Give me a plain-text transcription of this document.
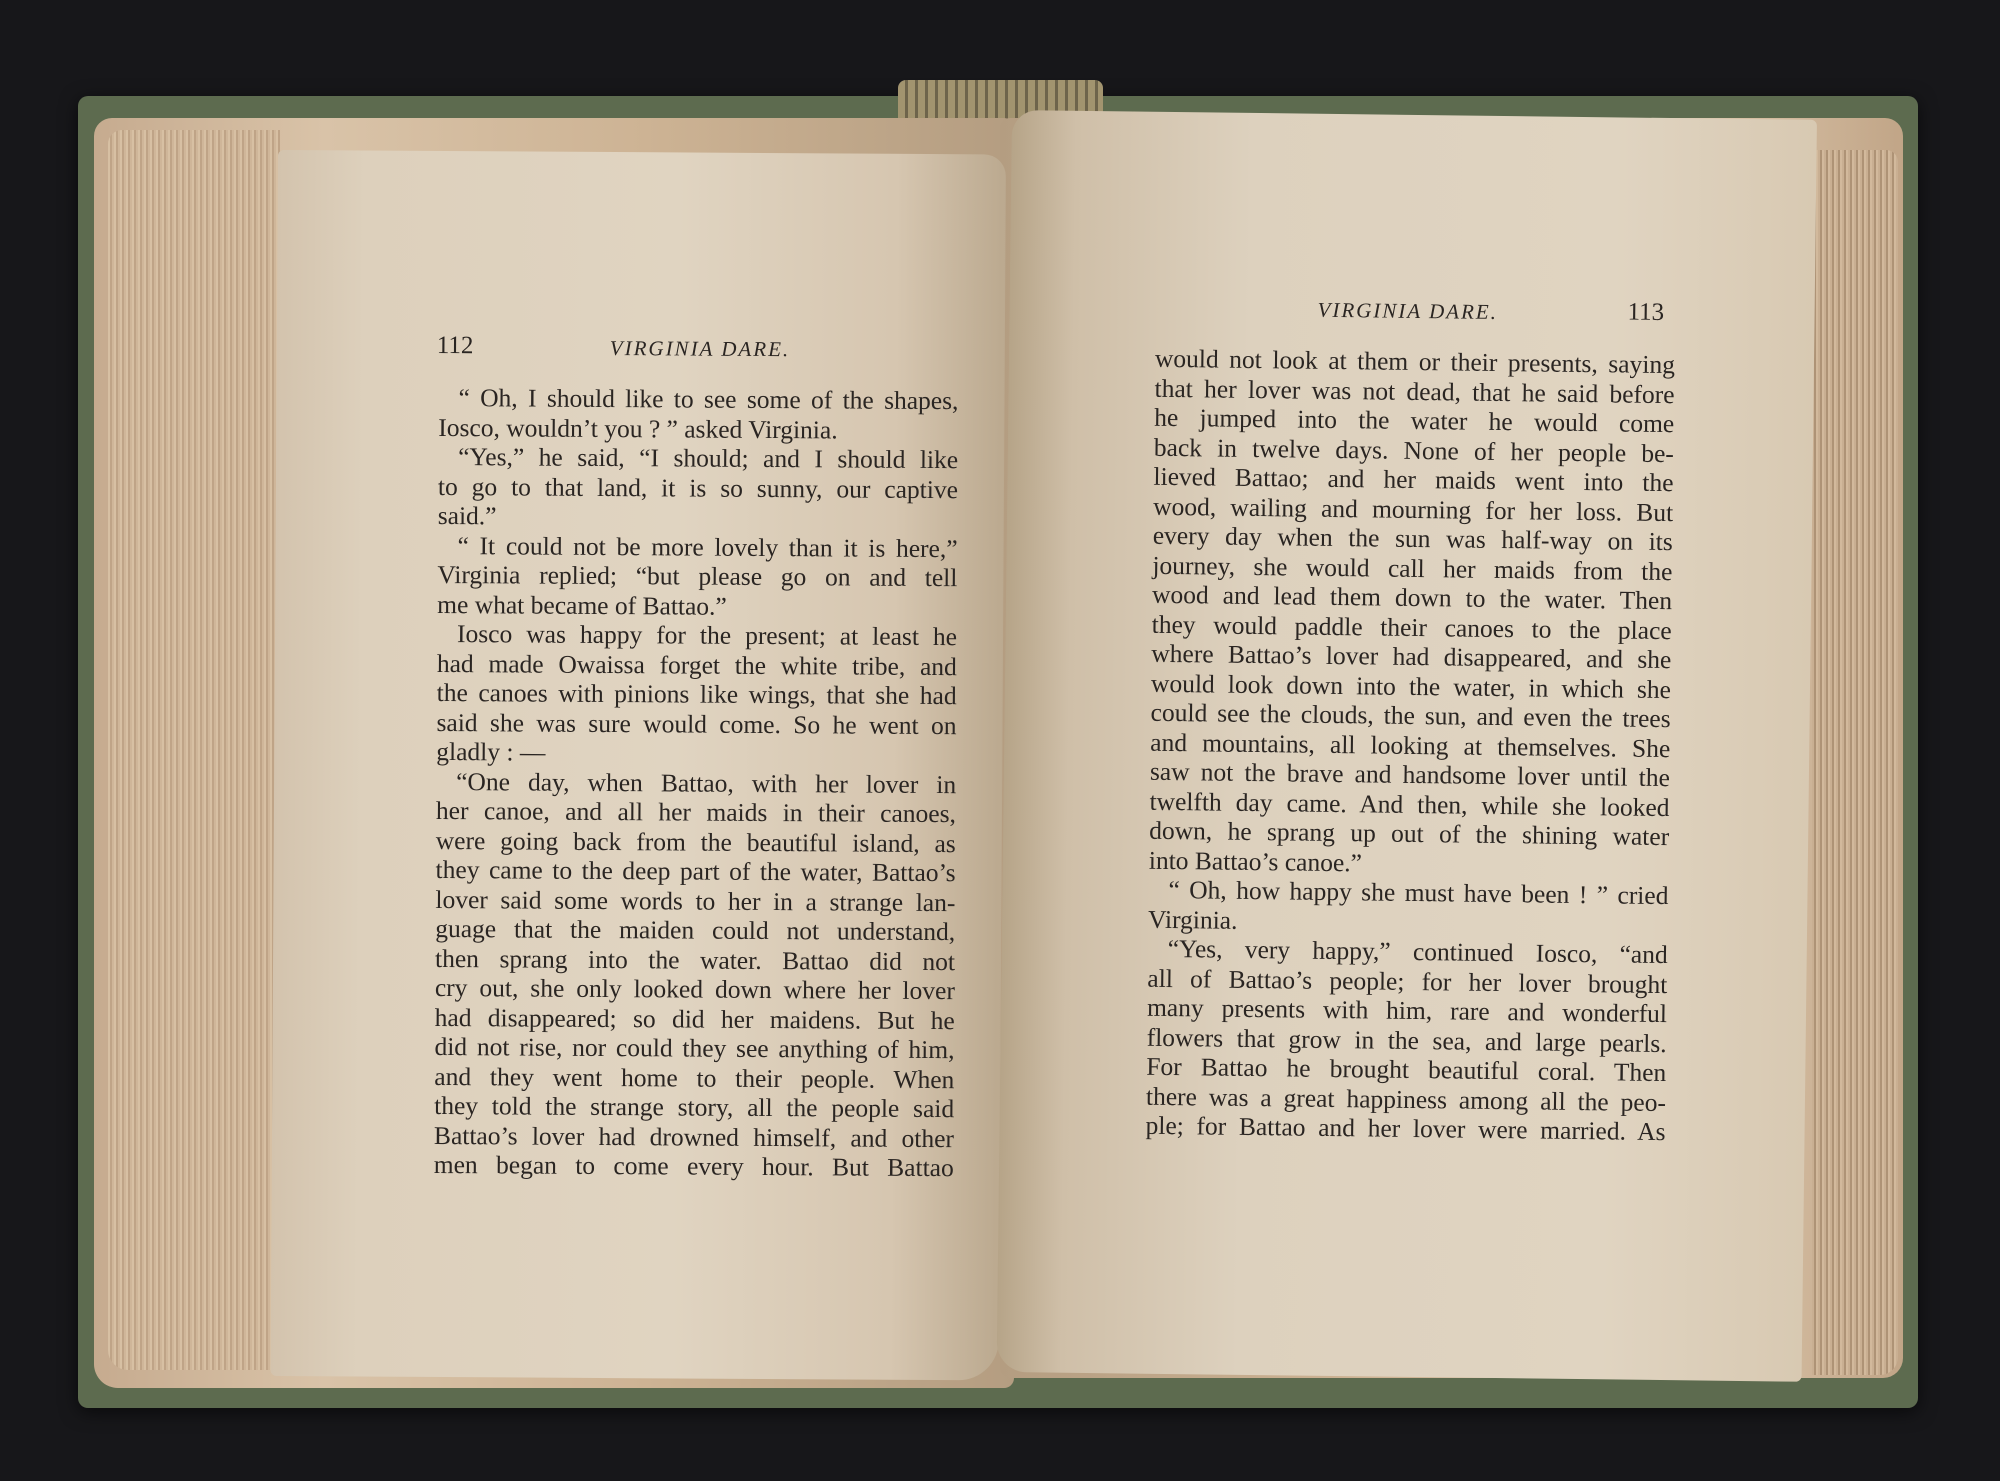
112	VIRGINIA DARE.
“ Oh, I should like to see some of the shapes,
Iosco, wouldn’t you ? ” asked Virginia.
“Yes,” he said, “I should; and I should like
to go to that land, it is so sunny, our captive
said.”
“ It could not be more lovely than it is here,”
Virginia replied; “but please go on and tell
me what became of Battao.”
Iosco was happy for the present; at least he
had made Owaissa forget the white tribe, and
the canoes with pinions like wings, that she had
said she was sure would come. So he went on
gladly : —
“One day, when Battao, with her lover in
her canoe, and all her maids in their canoes,
were going back from the beautiful island, as
they came to the deep part of the water, Battao’s
lover said some words to her in a strange lan-
guage that the maiden could not understand,
then sprang into the water. Battao did not
cry out, she only looked down where her lover
had disappeared; so did her maidens. But he
did not rise, nor could they see anything of him,
and they went home to their people. When
they told the strange story, all the people said
Battao’s lover had drowned himself, and other
men began to come every hour. But Battao
VIRGINIA DARE.	113
would not look at them or their presents, saying
that her lover was not dead, that he said before
he jumped into the water he would come
back in twelve days. None of her people be-
lieved Battao; and her maids went into the
wood, wailing and mourning for her loss. But
every day when the sun was half-way on its
journey, she would call her maids from the
wood and lead them down to the water. Then
they would paddle their canoes to the place
where Battao’s lover had disappeared, and she
would look down into the water, in which she
could see the clouds, the sun, and even the trees
and mountains, all looking at themselves. She
saw not the brave and handsome lover until the
twelfth day came. And then, while she looked
down, he sprang up out of the shining water
into Battao’s canoe.”
“ Oh, how happy she must have been ! ” cried
Virginia.
“Yes, very happy,” continued Iosco, “and
all of Battao’s people; for her lover brought
many presents with him, rare and wonderful
flowers that grow in the sea, and large pearls.
For Battao he brought beautiful coral. Then
there was a great happiness among all the peo-
ple; for Battao and her lover were married. As
